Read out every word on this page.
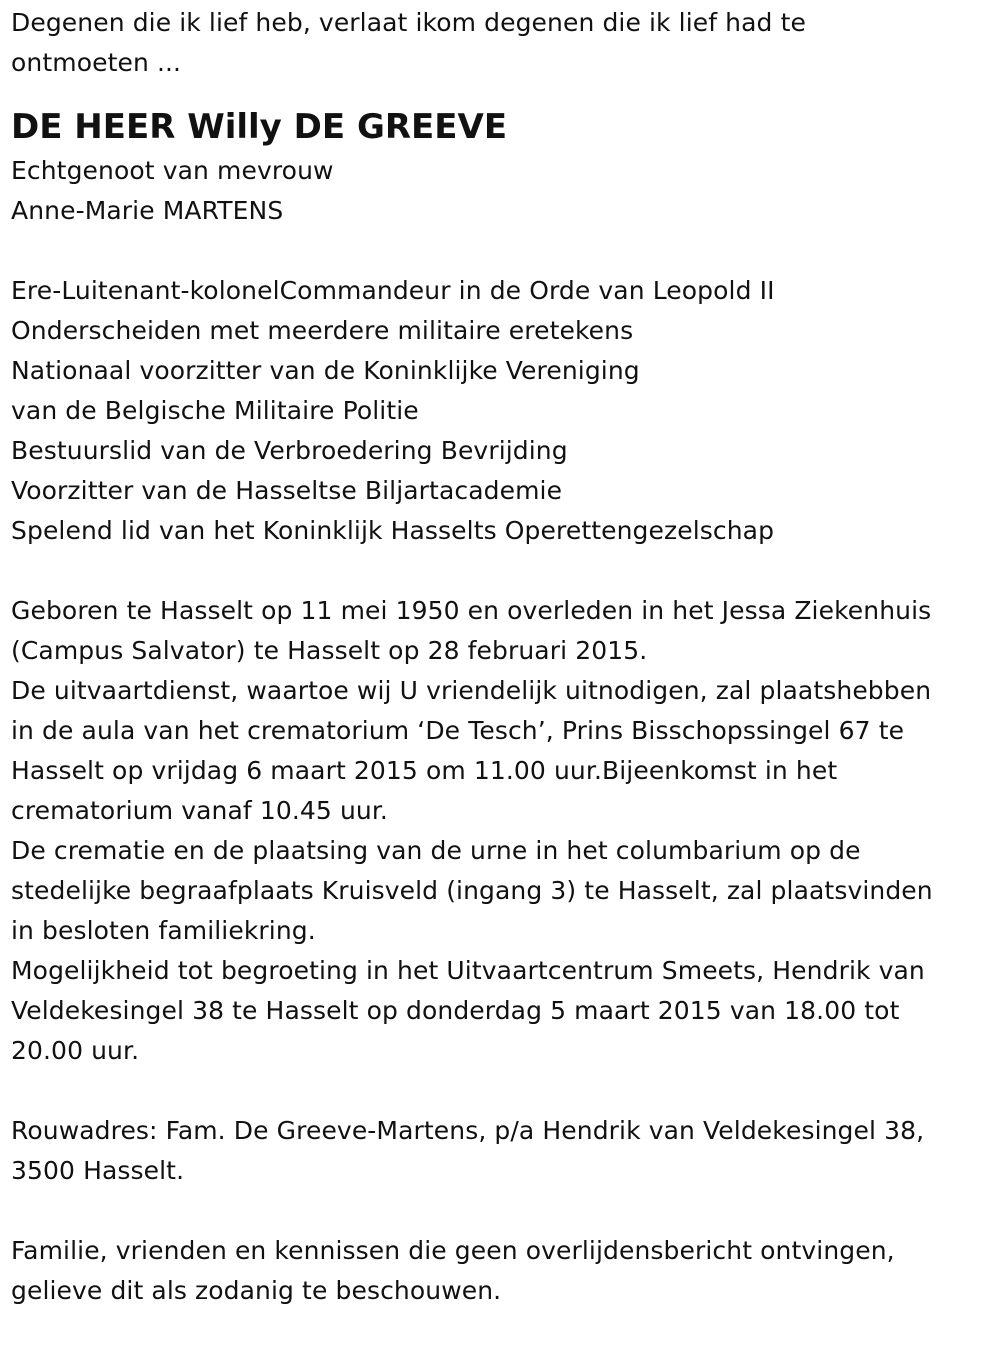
Degenen die ik lief heb, verlaat ikom degenen die ik lief had te
ontmoeten ...
DE HEER Willy DE GREEVE
Echtgenoot van mevrouw
Anne-Marie MARTENS
Ere-Luitenant-kolonelCommandeur in de Orde van Leopold II
Onderscheiden met meerdere militaire eretekens
Nationaal voorzitter van de Koninklijke Vereniging
van de Belgische Militaire Politie
Bestuurslid van de Verbroedering Bevrijding
Voorzitter van de Hasseltse Biljartacademie
Spelend lid van het Koninklijk Hasselts Operettengezelschap
Geboren te Hasselt op 11 mei 1950 en overleden in het Jessa Ziekenhuis
(Campus Salvator) te Hasselt op 28 februari 2015.
De uitvaartdienst, waartoe wij U vriendelijk uitnodigen, zal plaatshebben
in de aula van het crematorium ‘De Tesch’, Prins Bisschopssingel 67 te
Hasselt op vrijdag 6 maart 2015 om 11.00 uur.Bijeenkomst in het
crematorium vanaf 10.45 uur.
De crematie en de plaatsing van de urne in het columbarium op de
stedelijke begraafplaats Kruisveld (ingang 3) te Hasselt, zal plaatsvinden
in besloten familiekring.
Mogelijkheid tot begroeting in het Uitvaartcentrum Smeets, Hendrik van
Veldekesingel 38 te Hasselt op donderdag 5 maart 2015 van 18.00 tot
20.00 uur.
Rouwadres: Fam. De Greeve-Martens, p/a Hendrik van Veldekesingel 38,
3500 Hasselt.
Familie, vrienden en kennissen die geen overlijdensbericht ontvingen,
gelieve dit als zodanig te beschouwen.
